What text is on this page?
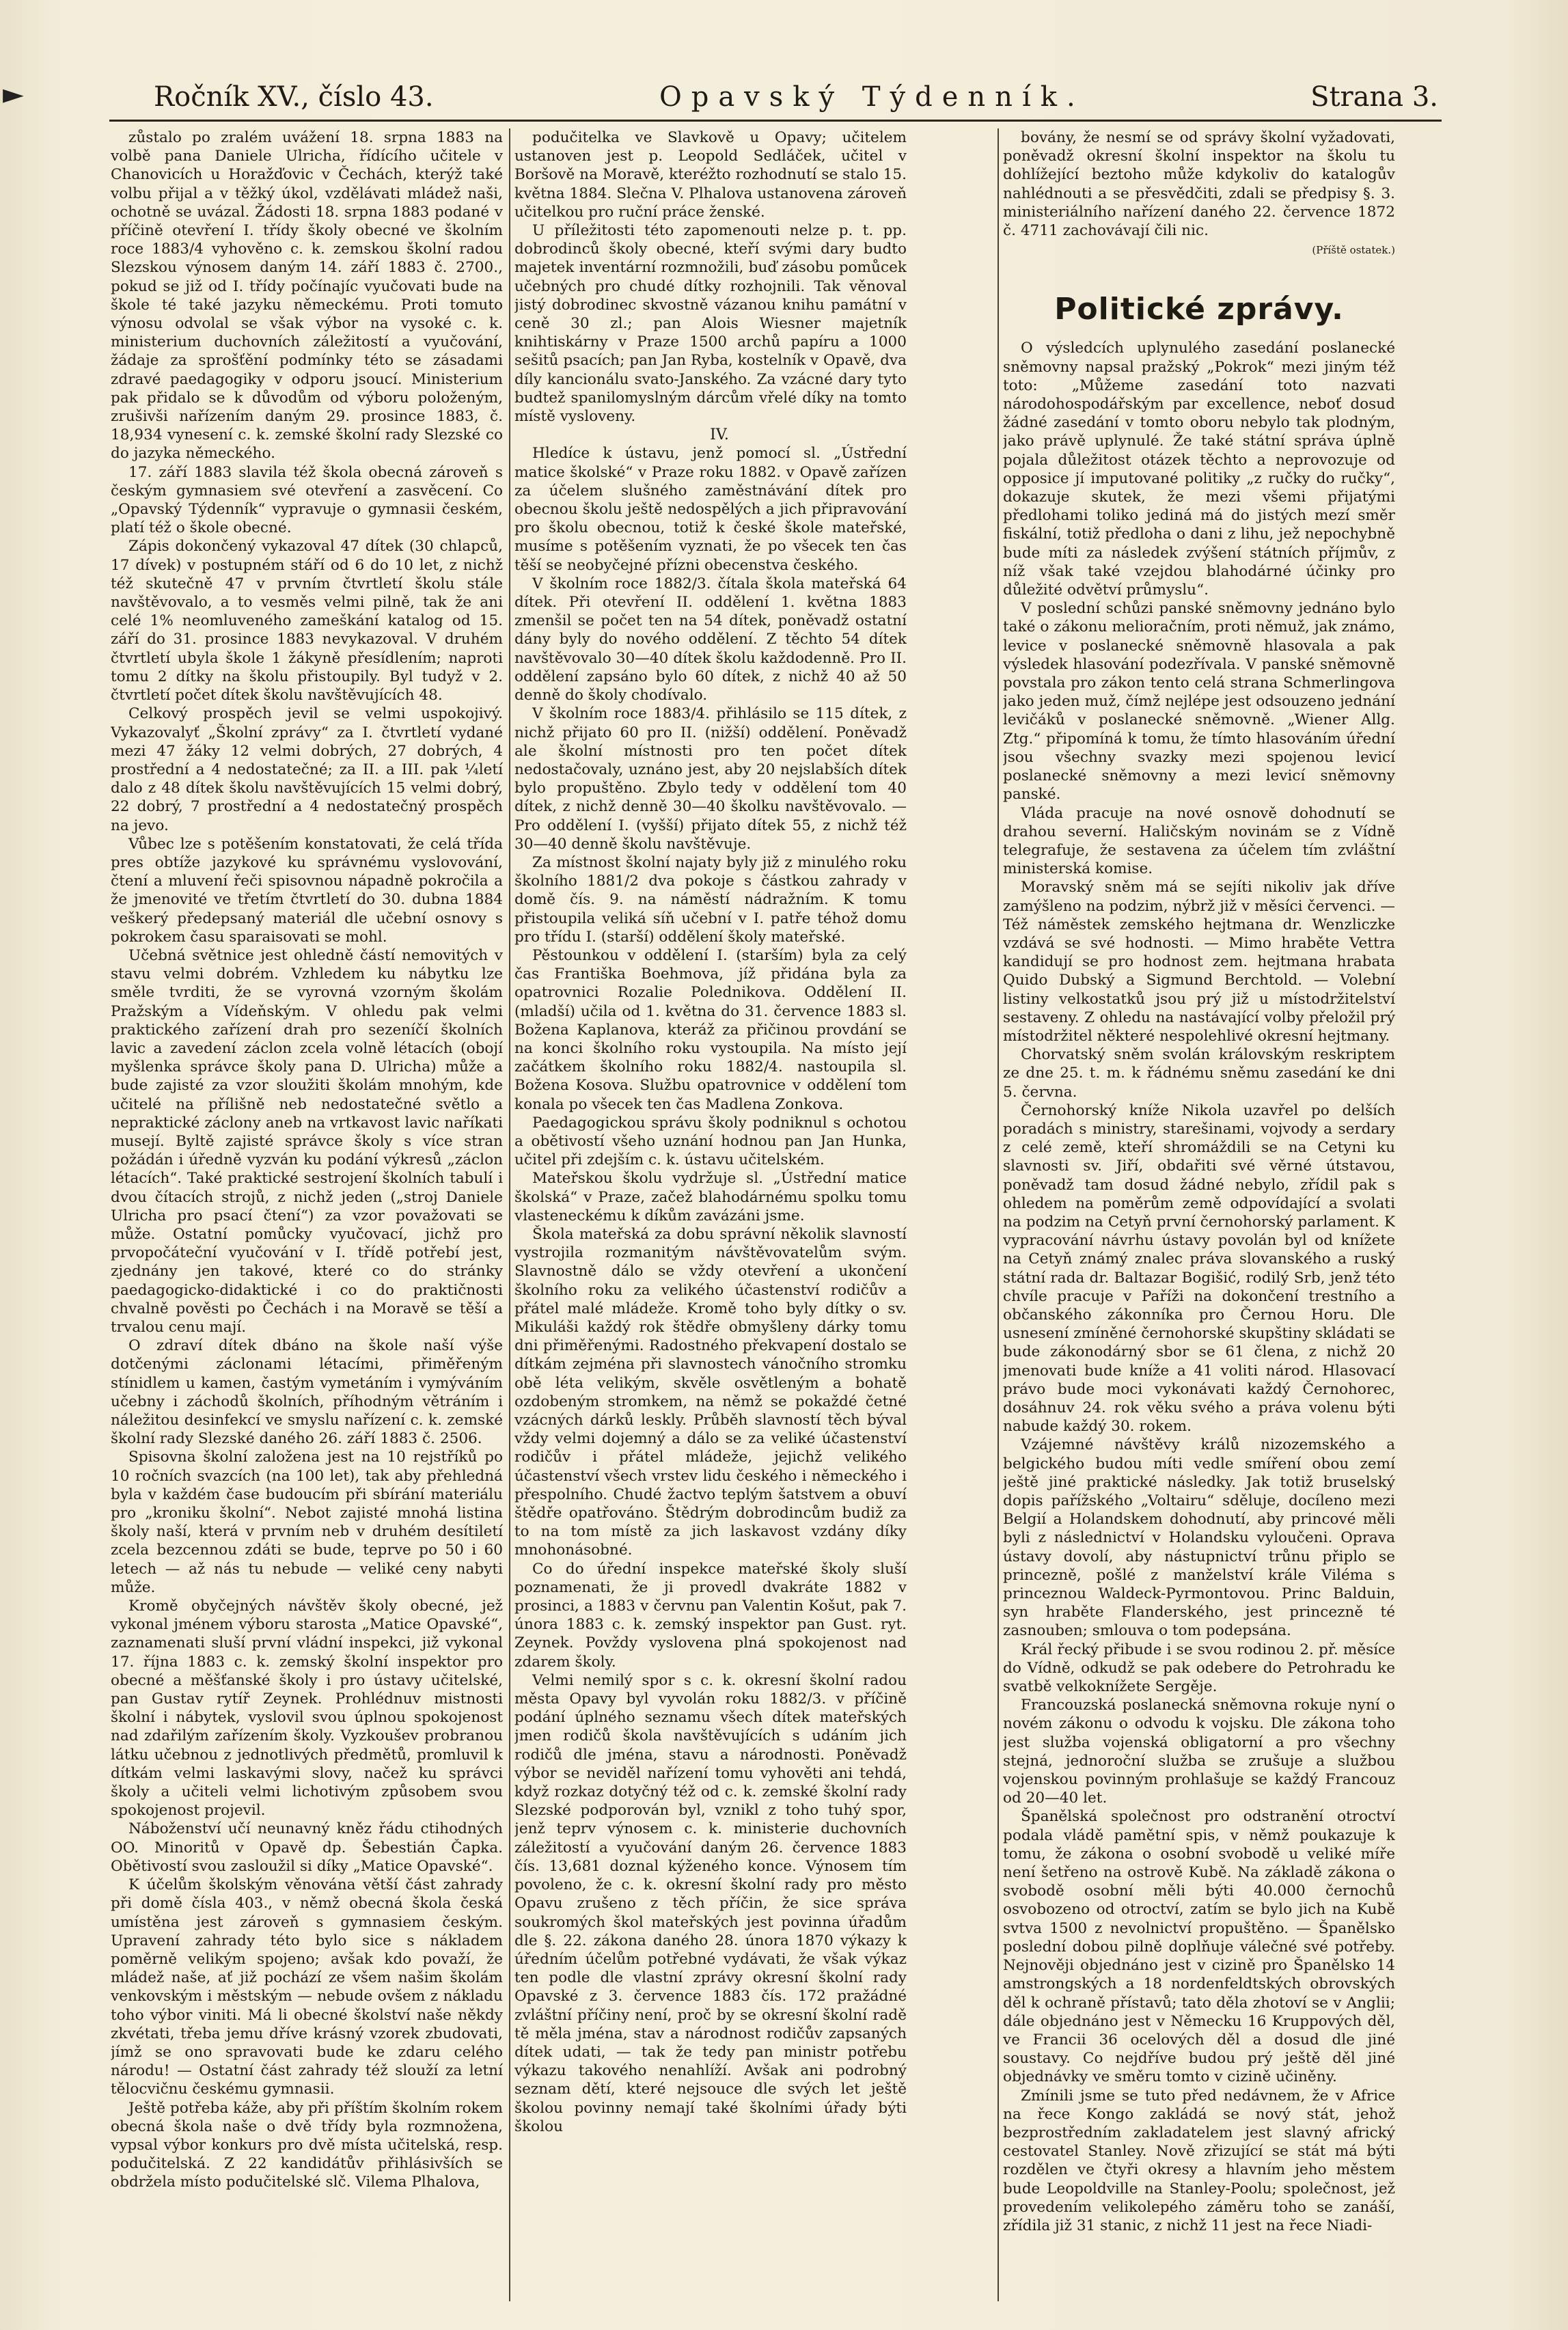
►	Ročník XV., číslo 43.	Opavský Týdenník.	Strana 3.

zůstalo po zralém uvážení 18. srpna 1883 na volbě pana Daniele Ulricha, řídícího učitele v Chanovicích u Horažďovic v Čechách, kterýž také volbu přijal a v těžký úkol, vzdělávati mládež naši, ochotně se uvázal. Žádosti 18. srpna 1883 podané v příčině otevření I. třídy školy obecné ve školním roce 1883/4 vyhověno c. k. zemskou školní radou Slezskou výnosem daným 14. září 1883 č. 2700., pokud se již od I. třídy počínajíc vyučovati bude na škole té také jazyku německému. Proti tomuto výnosu odvolal se však výbor na vysoké c. k. ministerium duchovních záležitostí a vyučování, žádaje za sprošťění podmínky této se zásadami zdravé paedagogiky v odporu jsoucí. Ministerium pak přidalo se k důvodům od výboru položeným, zrušivši nařízením daným 29. prosince 1883, č. 18,934 vynesení c. k. zemské školní rady Slezské co do jazyka německého.

17. září 1883 slavila též škola obecná zároveň s českým gymnasiem své otevření a zasvěcení. Co „Opavský Týdenník“ vypravuje o gymnasii českém, platí též o škole obecné.

Zápis dokončený vykazoval 47 dítek (30 chlapců, 17 dívek) v postupném stáří od 6 do 10 let, z nichž též skutečně 47 v prvním čtvrtletí školu stále navštěvovalo, a to vesměs velmi pilně, tak že ani celé 1% neomluveného zameškání katalog od 15. září do 31. prosince 1883 nevykazoval. V druhém čtvrtletí ubyla škole 1 žákyně přesídlením; naproti tomu 2 dítky na školu přistoupily. Byl tudyž v 2. čtvrtletí počet dítek školu navštěvujících 48.

Celkový prospěch jevil se velmi uspokojivý. Vykazovalyť „Školní zprávy“ za I. čtvrtletí vydané mezi 47 žáky 12 velmi dobrých, 27 dobrých, 4 prostřední a 4 nedostatečné; za II. a III. pak ¼letí dalo z 48 dítek školu navštěvujících 15 velmi dobrý, 22 dobrý, 7 prostřední a 4 nedostatečný prospěch na jevo.

Vůbec lze s potěšením konstatovati, že celá třída pres obtíže jazykové ku správnému vyslovování, čtení a mluvení řeči spisovnou nápadně pokročila a že jmenovité ve třetím čtvrtletí do 30. dubna 1884 veškerý předepsaný materiál dle učební osnovy s pokrokem času sparaisovati se mohl.

Učebná světnice jest ohledně částí nemovitých v stavu velmi dobrém. Vzhledem ku nábytku lze směle tvrditi, že se vyrovná vzorným školám Pražským a Vídeňským. V ohledu pak velmi praktického zařízení drah pro sezeníčí školních lavic a zavedení záclon zcela volně létacích (obojí myšlenka správce školy pana D. Ulricha) může a bude zajisté za vzor sloužiti školám mnohým, kde učitelé na přílišně neb nedostatečné světlo a nepraktické záclony aneb na vrtkavost lavic naříkati musejí. Byltě zajisté správce školy s více stran požádán i úředně vyzván ku podání výkresů „záclon létacích“. Také praktické sestrojení školních tabulí i dvou čítacích strojů, z nichž jeden („stroj Daniele Ulricha pro psací čtení“) za vzor považovati se může. Ostatní pomůcky vyučovací, jichž pro prvopočáteční vyučování v I. třídě potřebí jest, zjednány jen takové, které co do stránky paedagogicko-didaktické i co do praktičnosti chvalně pověsti po Čechách i na Moravě se těší a trvalou cenu mají.

O zdraví dítek dbáno na škole naší výše dotčenými záclonami létacími, přiměřeným stínidlem u kamen, častým vymetáním i vymýváním učebny i záchodů školních, příhodným větráním i náležitou desinfekcí ve smyslu nařízení c. k. zemské školní rady Slezské daného 26. září 1883 č. 2506.

Spisovna školní založena jest na 10 rejstříků po 10 ročních svazcích (na 100 let), tak aby přehledná byla v každém čase budoucím při sbírání materiálu pro „kroniku školní“. Nebot zajisté mnohá listina školy naší, která v prvním neb v druhém desítiletí zcela bezcennou zdáti se bude, teprve po 50 i 60 letech — až nás tu nebude — veliké ceny nabyti může.

Kromě obyčejných návštěv školy obecné, jež vykonal jménem výboru starosta „Matice Opavské“, zaznamenati sluší první vládní inspekci, již vykonal 17. října 1883 c. k. zemský školní inspektor pro obecné a měšťanské školy i pro ústavy učitelské, pan Gustav rytíř Zeynek. Prohlédnuv mistnosti školní i nábytek, vyslovil svou úplnou spokojenost nad zdařilým zařízením školy. Vyzkoušev probranou látku učebnou z jednotlivých předmětů, promluvil k dítkám velmi laskavými slovy, načež ku správci školy a učiteli velmi lichotivým způsobem svou spokojenost projevil.

Náboženství učí neunavný kněz řádu ctihodných OO. Minoritů v Opavě dp. Šebestián Čapka. Obětivostí svou zasloužil si díky „Matice Opavské“.

K účelům školským věnována větší část zahrady při domě čísla 403., v němž obecná škola česká umístěna jest zároveň s gymnasiem českým. Upravení zahrady této bylo sice s nákladem poměrně velikým spojeno; avšak kdo považí, že mládež naše, ať již pochází ze všem našim školám venkovským i městským — nebude ovšem z nákladu toho výbor viniti. Má li obecné školství naše někdy zkvétati, třeba jemu dříve krásný vzorek zbudovati, jímž se ono spravovati bude ke zdaru celého národu! — Ostatní část zahrady též slouží za letní tělocvičnu českému gymnasii.

Ještě potřeba káže, aby při příštím školním rokem obecná škola naše o dvě třídy byla rozmnožena, vypsal výbor konkurs pro dvě místa učitelská, resp. podučitelská. Z 22 kandidátův přihlásivších se obdržela místo podučitelské slč. Vilema Plhalova,

podučitelka ve Slavkově u Opavy; učitelem ustanoven jest p. Leopold Sedláček, učitel v Boršově na Moravě, kteréžto rozhodnutí se stalo 15. května 1884. Slečna V. Plhalova ustanovena zároveň učitelkou pro ruční práce ženské.

U příležitosti této zapomenouti nelze p. t. pp. dobrodinců školy obecné, kteří svými dary budto majetek inventární rozmnožili, buď zásobu pomůcek učebných pro chudé dítky rozhojnili. Tak věnoval jistý dobrodinec skvostně vázanou knihu památní v ceně 30 zl.; pan Alois Wiesner majetník knihtiskárny v Praze 1500 archů papíru a 1000 sešitů psacích; pan Jan Ryba, kostelník v Opavě, dva díly kancionálu svato-Janského. Za vzácné dary tyto budtež spanilomyslným dárcům vřelé díky na tomto místě vysloveny.

IV.

Hledíce k ústavu, jenž pomocí sl. „Ústřední matice školské“ v Praze roku 1882. v Opavě zařízen za účelem slušného zaměstnávání dítek pro obecnou školu ještě nedospělých a jich připravování pro školu obecnou, totiž k české škole mateřské, musíme s potěšením vyznati, že po všecek ten čas těší se neobyčejné přízni obecenstva českého.

V školním roce 1882/3. čítala škola mateřská 64 dítek. Při otevření II. oddělení 1. května 1883 zmenšil se počet ten na 54 dítek, poněvadž ostatní dány byly do nového oddělení. Z těchto 54 dítek navštěvovalo 30—40 dítek školu každodenně. Pro II. oddělení zapsáno bylo 60 dítek, z nichž 40 až 50 denně do školy chodívalo.

V školním roce 1883/4. přihlásilo se 115 dítek, z nichž přijato 60 pro II. (nižší) oddělení. Poněvadž ale školní místnosti pro ten počet dítek nedostačovaly, uznáno jest, aby 20 nejslabších dítek bylo propuštěno. Zbylo tedy v oddělení tom 40 dítek, z nichž denně 30—40 školku navštěvovalo. — Pro oddělení I. (vyšší) přijato dítek 55, z nichž též 30—40 denně školu navštěvuje.

Za místnost školní najaty byly již z minulého roku školního 1881/2 dva pokoje s částkou zahrady v domě čís. 9. na náměstí nádražním. K tomu přistoupila veliká síň učební v I. patře téhož domu pro třídu I. (starší) oddělení školy mateřské.

Pěstounkou v oddělení I. (starším) byla za celý čas Františka Boehmova, jíž přidána byla za opatrovnici Rozalie Polednikova. Oddělení II. (mladší) učila od 1. května do 31. července 1883 sl. Božena Kaplanova, kteráž za přičinou provdání se na konci školního roku vystoupila. Na místo její začátkem školního roku 1882/4. nastoupila sl. Božena Kosova. Službu opatrovnice v oddělení tom konala po všecek ten čas Madlena Zonkova.

Paedagogickou správu školy podniknul s ochotou a obětivostí všeho uznání hodnou pan Jan Hunka, učitel při zdejším c. k. ústavu učitelském.

Mateřskou školu vydržuje sl. „Ústřední matice školská“ v Praze, začež blahodárnému spolku tomu vlasteneckému k díkům zavázáni jsme.

Škola mateřská za dobu správní několik slavností vystrojila rozmanitým návštěvovatelům svým. Slavnostně dálo se vždy otevření a ukončení školního roku za velikého účastenství rodičův a přátel malé mládeže. Kromě toho byly dítky o sv. Mikuláši každý rok štědře obmyšleny dárky tomu dni přiměřenými. Radostného překvapení dostalo se dítkám zejména při slavnostech vánočního stromku obě léta velikým, skvěle osvětleným a bohatě ozdobeným stromkem, na němž se pokaždé četné vzácných dárků leskly. Průběh slavností těch býval vždy velmi dojemný a dálo se za veliké účastenství rodičův i přátel mládeže, jejichž velikého účastenství všech vrstev lidu českého i německého i přespolního. Chudé žactvo teplým šatstvem a obuví štědře opatřováno. Štědrým dobrodincům budiž za to na tom místě za jich laskavost vzdány díky mnohonásobné.

Co do úřední inspekce mateřské školy sluší poznamenati, že ji provedl dvakráte 1882 v prosinci, a 1883 v červnu pan Valentin Košut, pak 7. února 1883 c. k. zemský inspektor pan Gust. ryt. Zeynek. Povždy vyslovena plná spokojenost nad zdarem školy.

Velmi nemilý spor s c. k. okresní školní radou města Opavy byl vyvolán roku 1882/3. v příčině podání úplného seznamu všech dítek mateřských jmen rodičů škola navštěvujících s udáním jich rodičů dle jména, stavu a národnosti. Poněvadž výbor se neviděl nařízení tomu vyhověti ani tehdá, když rozkaz dotyčný též od c. k. zemské školní rady Slezské podporován byl, vznikl z toho tuhý spor, jenž teprv výnosem c. k. ministerie duchovních záležitostí a vyučování daným 26. července 1883 čís. 13,681 doznal kýženého konce. Výnosem tím povoleno, že c. k. okresní školní rady pro město Opavu zrušeno z těch příčin, že sice správa soukromých škol mateřských jest povinna úřadům dle §. 22. zákona daného 28. února 1870 výkazy k úředním účelům potřebné vydávati, že však výkaz ten podle dle vlastní zprávy okresní školní rady Opavské z 3. července 1883 čís. 172 pražádné zvláštní příčiny není, proč by se okresní školní radě tě měla jména, stav a národnost rodičův zapsaných dítek udati, — tak že tedy pan ministr potřebu výkazu takového nenahlíží. Avšak ani podrobný seznam dětí, které nejsouce dle svých let ještě školou povinny nemají také školními úřady býti školou

bovány, že nesmí se od správy školní vyžadovati, poněvadž okresní školní inspektor na školu tu dohlížející beztoho může kdykoliv do katalogův nahlédnouti a se přesvědčiti, zdali se předpisy §. 3. ministeriálního nařízení daného 22. července 1872 č. 4711 zachovávají čili nic.

(Příště ostatek.)

Politické zprávy.

O výsledcích uplynulého zasedání poslanecké sněmovny napsal pražský „Pokrok“ mezi jiným též toto: „Můžeme zasedání toto nazvati národohospodářským par excellence, neboť dosud žádné zasedání v tomto oboru nebylo tak plodným, jako právě uplynulé. Že také státní správa úplně pojala důležitost otázek těchto a neprovozuje od opposice jí imputované politiky „z ručky do ručky“, dokazuje skutek, že mezi všemi přijatými předlohami toliko jediná má do jistých mezí směr fiskální, totiž předloha o dani z lihu, jež nepochybně bude míti za následek zvýšení státních příjmův, z níž však také vzejdou blahodárné účinky pro důležité odvětví průmyslu“.

V poslední schůzi panské sněmovny jednáno bylo také o zákonu melioračním, proti němuž, jak známo, levice v poslanecké sněmovně hlasovala a pak výsledek hlasování podezřívala. V panské sněmovně povstala pro zákon tento celá strana Schmerlingova jako jeden muž, čímž nejlépe jest odsouzeno jednání levičáků v poslanecké sněmovně. „Wiener Allg. Ztg.“ připomíná k tomu, že tímto hlasováním úřední jsou všechny svazky mezi spojenou levicí poslanecké sněmovny a mezi levicí sněmovny panské.

Vláda pracuje na nové osnově dohodnutí se drahou severní. Haličským novinám se z Vídně telegrafuje, že sestavena za účelem tím zvláštní ministerská komise.

Moravský sněm má se sejíti nikoliv jak dříve zamýšleno na podzim, nýbrž již v měsíci červenci. — Též náměstek zemského hejtmana dr. Wenzliczke vzdává se své hodnosti. — Mimo hraběte Vettra kandidují se pro hodnost zem. hejtmana hrabata Quido Dubský a Sigmund Berchtold. — Volební listiny velkostatků jsou prý již u místodržitelství sestaveny. Z ohledu na nastávající volby přeložil prý místodržitel některé nespolehlivé okresní hejtmany.

Chorvatský sněm svolán královským reskriptem ze dne 25. t. m. k řádnému sněmu zasedání ke dni 5. června.

Černohorský kníže Nikola uzavřel po delších poradách s ministry, starešinami, vojvody a serdary z celé země, kteří shromáždili se na Cetyni ku slavnosti sv. Jiří, obdařiti své věrné útstavou, poněvadž tam dosud žádné nebylo, zřídil pak s ohledem na poměrům země odpovídající a svolati na podzim na Cetyň první černohorský parlament. K vypracování návrhu ústavy povolán byl od knížete na Cetyň známý znalec práva slovanského a ruský státní rada dr. Baltazar Bogišić, rodilý Srb, jenž této chvíle pracuje v Paříži na dokončení trestního a občanského zákonníka pro Černou Horu. Dle usnesení zmíněné černohorské skupštiny skládati se bude zákonodárný sbor se 61 člena, z nichž 20 jmenovati bude kníže a 41 voliti národ. Hlasovací právo bude moci vykonávati každý Černohorec, dosáhnuv 24. rok věku svého a práva volenu býti nabude každý 30. rokem.

Vzájemné návštěvy králů nizozemského a belgického budou míti vedle smíření obou zemí ještě jiné praktické následky. Jak totiž bruselský dopis pařížského „Voltairu“ sděluje, docíleno mezi Belgií a Holandskem dohodnutí, aby princové měli byli z následnictví v Holandsku vyloučeni. Oprava ústavy dovolí, aby nástupnictví trůnu připlo se princezně, pošlé z manželství krále Viléma s princeznou Waldeck-Pyrmontovou. Princ Balduin, syn hraběte Flanderského, jest princezně té zasnouben; smlouva o tom podepsána.

Král řecký přibude i se svou rodinou 2. př. měsíce do Vídně, odkudž se pak odebere do Petrohradu ke svatbě velkoknížete Sergěje.

Francouzská poslanecká sněmovna rokuje nyní o novém zákonu o odvodu k vojsku. Dle zákona toho jest služba vojenská obligatorní a pro všechny stejná, jednoroční služba se zrušuje a službou vojenskou povinným prohlašuje se každý Francouz od 20—40 let.

Španělská společnost pro odstranění otroctví podala vládě pamětní spis, v němž poukazuje k tomu, že zákona o osobní svobodě u veliké míře není šetřeno na ostrově Kubě. Na základě zákona o svobodě osobní měli býti 40.000 černochů osvobozeno od otroctví, zatím se bylo jich na Kubě svtva 1500 z nevolnictví propuštěno. — Španělsko poslední dobou pilně doplňuje válečné své potřeby. Nejnověji objednáno jest v cizině pro Španělsko 14 amstrongských a 18 nordenfeldtských obrovských děl k ochraně přístavů; tato děla zhotoví se v Anglii; dále objednáno jest v Německu 16 Kruppových děl, ve Francii 36 ocelových děl a dosud dle jiné soustavy. Co nejdříve budou prý ještě děl jiné objednávky ve směru tomto v cizině učiněny.

Zmínili jsme se tuto před nedávnem, že v Africe na řece Kongo zakládá se nový stát, jehož bezprostředním zakladatelem jest slavný africký cestovatel Stanley. Nově zřizující se stát má býti rozdělen ve čtyři okresy a hlavním jeho městem bude Leopoldville na Stanley-Poolu; společnost, jež provedením velikolepého záměru toho se zanáší, zřídila již 31 stanic, z nichž 11 jest na řece Niadi-
